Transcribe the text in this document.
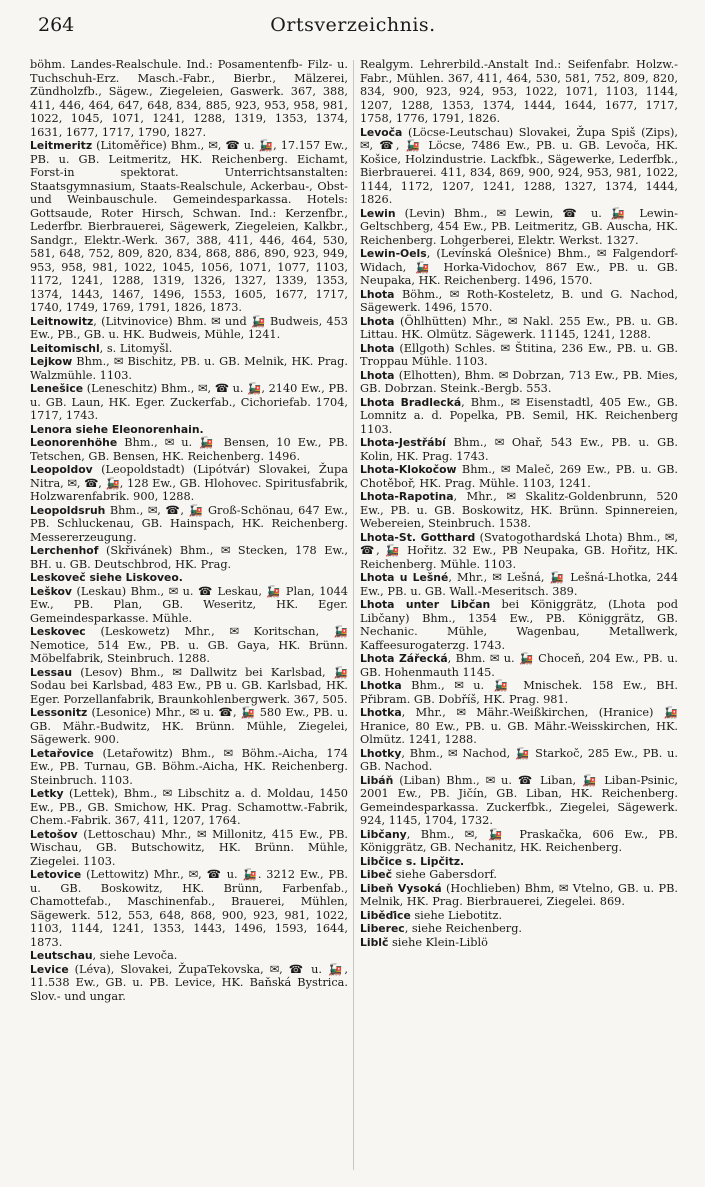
264	Ortsverzeichnis.

böhm. Landes-Realschule. Ind.: Posamentenfb- Filz- u. Tuchschuh-Erz. Masch.-Fabr., Bierbr., Mälzerei, Zündholzfb., Sägew., Ziegeleien, Gaswerk. 367, 388, 411, 446, 464, 647, 648, 834, 885, 923, 953, 958, 981, 1022, 1045, 1071, 1241, 1288, 1319, 1353, 1374, 1631, 1677, 1717, 1790, 1827.

Leitmeritz (Litoměřice) Bhm., ✉, ☎ u. 🚂, 17.157 Ew., PB. u. GB. Leitmeritz, HK. Reichenberg. Eichamt, Forst-in spektorat. Unterrichtsanstalten: Staatsgymnasium, Staats-Realschule, Ackerbau-, Obst- und Weinbauschule. Gemeindesparkassa. Hotels: Gottsaude, Roter Hirsch, Schwan. Ind.: Kerzenfbr., Lederfbr. Bierbrauerei, Sägewerk, Ziegeleien, Kalkbr., Sandgr., Elektr.-Werk. 367, 388, 411, 446, 464, 530, 581, 648, 752, 809, 820, 834, 868, 886, 890, 923, 949, 953, 958, 981, 1022, 1045, 1056, 1071, 1077, 1103, 1172, 1241, 1288, 1319, 1326, 1327, 1339, 1353, 1374, 1443, 1467, 1496, 1553, 1605, 1677, 1717, 1740, 1749, 1769, 1791, 1826, 1873.

Leitnowitz, (Litvinovice) Bhm. ✉ und 🚂 Budweis, 453 Ew., PB., GB. u. HK. Budweis, Mühle, 1241.

Leitomischl, s. Litomyšl.

Lejkow Bhm., ✉ Bischitz, PB. u. GB. Melnik, HK. Prag. Walzmühle. 1103.

Lenešice (Leneschitz) Bhm., ✉, ☎ u. 🚂, 2140 Ew., PB. u. GB. Laun, HK. Eger. Zuckerfab., Cichoriefab. 1704, 1717, 1743.

Lenora siehe Eleonorenhain.

Leonorenhöhe Bhm., ✉ u. 🚂 Bensen, 10 Ew., PB. Tetschen, GB. Bensen, HK. Reichenberg. 1496.

Leopoldov (Leopoldstadt) (Lipótvár) Slovakei, Župa Nitra, ✉, ☎, 🚂, 128 Ew., GB. Hlohovec. Spiritusfabrik, Holzwarenfabrik. 900, 1288.

Leopoldsruh Bhm., ✉, ☎, 🚂 Groß-Schönau, 647 Ew., PB. Schluckenau, GB. Hainspach, HK. Reichenberg. Messererzeugung.

Lerchenhof (Skřivánek) Bhm., ✉ Stecken, 178 Ew., BH. u. GB. Deutschbrod, HK. Prag.

Leskoveč siehe Liskoveo.

Leškov (Leskau) Bhm., ✉ u. ☎ Leskau, 🚂 Plan, 1044 Ew., PB. Plan, GB. Weseritz, HK. Eger. Gemeindesparkasse. Mühle.

Leskovec (Leskowetz) Mhr., ✉ Koritschan, 🚂 Nemotice, 514 Ew., PB. u. GB. Gaya, HK. Brünn. Möbelfabrik, Steinbruch. 1288.

Lessau (Lesov) Bhm., ✉ Dallwitz bei Karlsbad, 🚂 Sodau bei Karlsbad, 483 Ew., PB u. GB. Karlsbad, HK. Eger. Porzellanfabrik, Braunkohlenbergwerk. 367, 505.

Lessonitz (Lesonice) Mhr., ✉ u. ☎, 🚂 580 Ew., PB. u. GB. Mähr.-Budwitz, HK. Brünn. Mühle, Ziegelei, Sägewerk. 900.

Letařovice (Letařowitz) Bhm., ✉ Böhm.-Aicha, 174 Ew., PB. Turnau, GB. Böhm.-Aicha, HK. Reichenberg. Steinbruch. 1103.

Letky (Lettek), Bhm., ✉ Libschitz a. d. Moldau, 1450 Ew., PB., GB. Smichow, HK. Prag. Schamottw.-Fabrik, Chem.-Fabrik. 367, 411, 1207, 1764.

Letošov (Lettoschau) Mhr., ✉ Millonitz, 415 Ew., PB. Wischau, GB. Butschowitz, HK. Brünn. Mühle, Ziegelei. 1103.

Letovice (Lettowitz) Mhr., ✉, ☎ u. 🚂. 3212 Ew., PB. u. GB. Boskowitz, HK. Brünn, Farbenfab., Chamottefab., Maschinenfab., Brauerei, Mühlen, Sägewerk. 512, 553, 648, 868, 900, 923, 981, 1022, 1103, 1144, 1241, 1353, 1443, 1496, 1593, 1644, 1873.

Leutschau, siehe Levoča.

Levice (Léva), Slovakei, ŽupaTekovska, ✉, ☎ u. 🚂, 11.538 Ew., GB. u. PB. Levice, HK. Baňská Bystrica. Slov.- und ungar.

Realgym. Lehrerbild.-Anstalt Ind.: Seifenfabr. Holzw.-Fabr., Mühlen. 367, 411, 464, 530, 581, 752, 809, 820, 834, 900, 923, 924, 953, 1022, 1071, 1103, 1144, 1207, 1288, 1353, 1374, 1444, 1644, 1677, 1717, 1758, 1776, 1791, 1826.

Levoča (Löcse-Leutschau) Slovakei, Župa Spiš (Zips), ✉, ☎, 🚂 Löcse, 7486 Ew., PB. u. GB. Levoča, HK. Košice, Holzindustrie. Lackfbk., Sägewerke, Lederfbk., Bierbrauerei. 411, 834, 869, 900, 924, 953, 981, 1022, 1144, 1172, 1207, 1241, 1288, 1327, 1374, 1444, 1826.

Lewin (Levin) Bhm., ✉ Lewin, ☎ u. 🚂 Lewin-Geltschberg, 454 Ew., PB. Leitmeritz, GB. Auscha, HK. Reichenberg. Lohgerberei, Elektr. Werkst. 1327.

Lewin-Oels, (Levínská Olešnice) Bhm., ✉ Falgendorf-Widach, 🚂 Horka-Vidochov, 867 Ew., PB. u. GB. Neupaka, HK. Reichenberg. 1496, 1570.

Lhota Böhm., ✉ Roth-Kosteletz, B. und G. Nachod, Sägewerk. 1496, 1570.

Lhota (Öhlhütten) Mhr., ✉ Nakl. 255 Ew., PB. u. GB. Littau. HK. Olmütz. Sägewerk. 11145, 1241, 1288.

Lhota (Ellgoth) Schles. ✉ Štitina, 236 Ew., PB. u. GB. Troppau Mühle. 1103.

Lhota (Elhotten), Bhm. ✉ Dobrzan, 713 Ew., PB. Mies, GB. Dobrzan. Steink.-Bergb. 553.

Lhota Bradlecká, Bhm., ✉ Eisenstadtl, 405 Ew., GB. Lomnitz a. d. Popelka, PB. Semil, HK. Reichenberg 1103.

Lhota-Jestřábí Bhm., ✉ Ohař, 543 Ew., PB. u. GB. Kolin, HK. Prag. 1743.

Lhota-Klokočow Bhm., ✉ Maleč, 269 Ew., PB. u. GB. Chotěboř, HK. Prag. Mühle. 1103, 1241.

Lhota-Rapotina, Mhr., ✉ Skalitz-Goldenbrunn, 520 Ew., PB. u. GB. Boskowitz, HK. Brünn. Spinnereien, Webereien, Steinbruch. 1538.

Lhota-St. Gotthard (Svatogothardská Lhota) Bhm., ✉, ☎, 🚂 Hořitz. 32 Ew., PB Neupaka, GB. Hořitz, HK. Reichenberg. Mühle. 1103.

Lhota u Lešné, Mhr., ✉ Lešná, 🚂 Lešná-Lhotka, 244 Ew., PB. u. GB. Wall.-Meseritsch. 389.

Lhota unter Libčan bei Königgrätz, (Lhota pod Libčany) Bhm., 1354 Ew., PB. Königgrätz, GB. Nechanic. Mühle, Wagenbau, Metallwerk, Kaffeesurogaterzg. 1743.

Lhota Zářecká, Bhm. ✉ u. 🚂 Choceň, 204 Ew., PB. u. GB. Hohenmauth 1145.

Lhotka Bhm., ✉ u. 🚂 Mnischek. 158 Ew., BH. Přibram. GB. Dobříš, HK. Prag. 981.

Lhotka, Mhr., ✉ Mähr.-Weißkirchen, (Hranice) 🚂 Hranice, 80 Ew., PB. u. GB. Mähr.-Weisskirchen, HK. Olmütz. 1241, 1288.

Lhotky, Bhm., ✉ Nachod, 🚂 Starkoč, 285 Ew., PB. u. GB. Nachod.

Libáň (Liban) Bhm., ✉ u. ☎ Liban, 🚂 Liban-Psinic, 2001 Ew., PB. Jičín, GB. Liban, HK. Reichenberg. Gemeindesparkassa. Zuckerfbk., Ziegelei, Sägewerk. 924, 1145, 1704, 1732.

Libčany, Bhm., ✉, 🚂 Praskačka, 606 Ew., PB. Königgrätz, GB. Nechanitz, HK. Reichenberg.

Libčice s. Lipčitz.

Libeč siehe Gabersdorf.

Libeň Vysoká (Hochlieben) Bhm, ✉ Vtelno, GB. u. PB. Melnik, HK. Prag. Bierbrauerei, Ziegelei. 869.

Liběďice siehe Liebotitz.

Liberec, siehe Reichenberg.

Liblč siehe Klein-Liblö
